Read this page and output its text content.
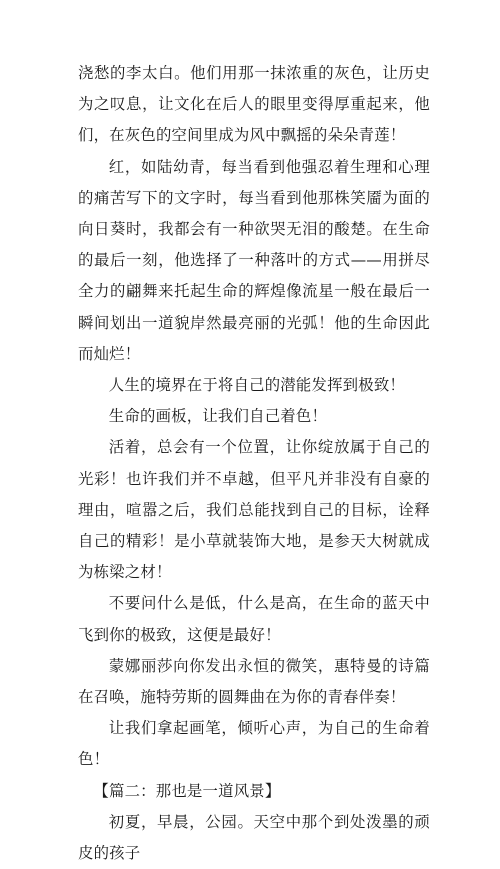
浇愁的李太白。他们用那一抹浓重的灰色，让历史为之叹息，让文化在后人的眼里变得厚重起来，他们，在灰色的空间里成为风中飘摇的朵朵青莲！

红，如陆幼青，每当看到他强忍着生理和心理的痛苦写下的文字时，每当看到他那株笑靥为面的向日葵时，我都会有一种欲哭无泪的酸楚。在生命的最后一刻，他选择了一种落叶的方式——用拼尽全力的翩舞来托起生命的辉煌像流星一般在最后一瞬间划出一道貌岸然最亮丽的光弧！他的生命因此而灿烂！

人生的境界在于将自己的潜能发挥到极致！

生命的画板，让我们自己着色！

活着，总会有一个位置，让你绽放属于自己的光彩！也许我们并不卓越，但平凡并非没有自豪的理由，喧嚣之后，我们总能找到自己的目标，诠释自己的精彩！是小草就装饰大地，是参天大树就成为栋梁之材！

不要问什么是低，什么是高，在生命的蓝天中飞到你的极致，这便是最好！

蒙娜丽莎向你发出永恒的微笑，惠特曼的诗篇在召唤，施特劳斯的圆舞曲在为你的青春伴奏！

让我们拿起画笔，倾听心声，为自己的生命着色！

【篇二：那也是一道风景】

初夏，早晨，公园。天空中那个到处泼墨的顽皮的孩子
